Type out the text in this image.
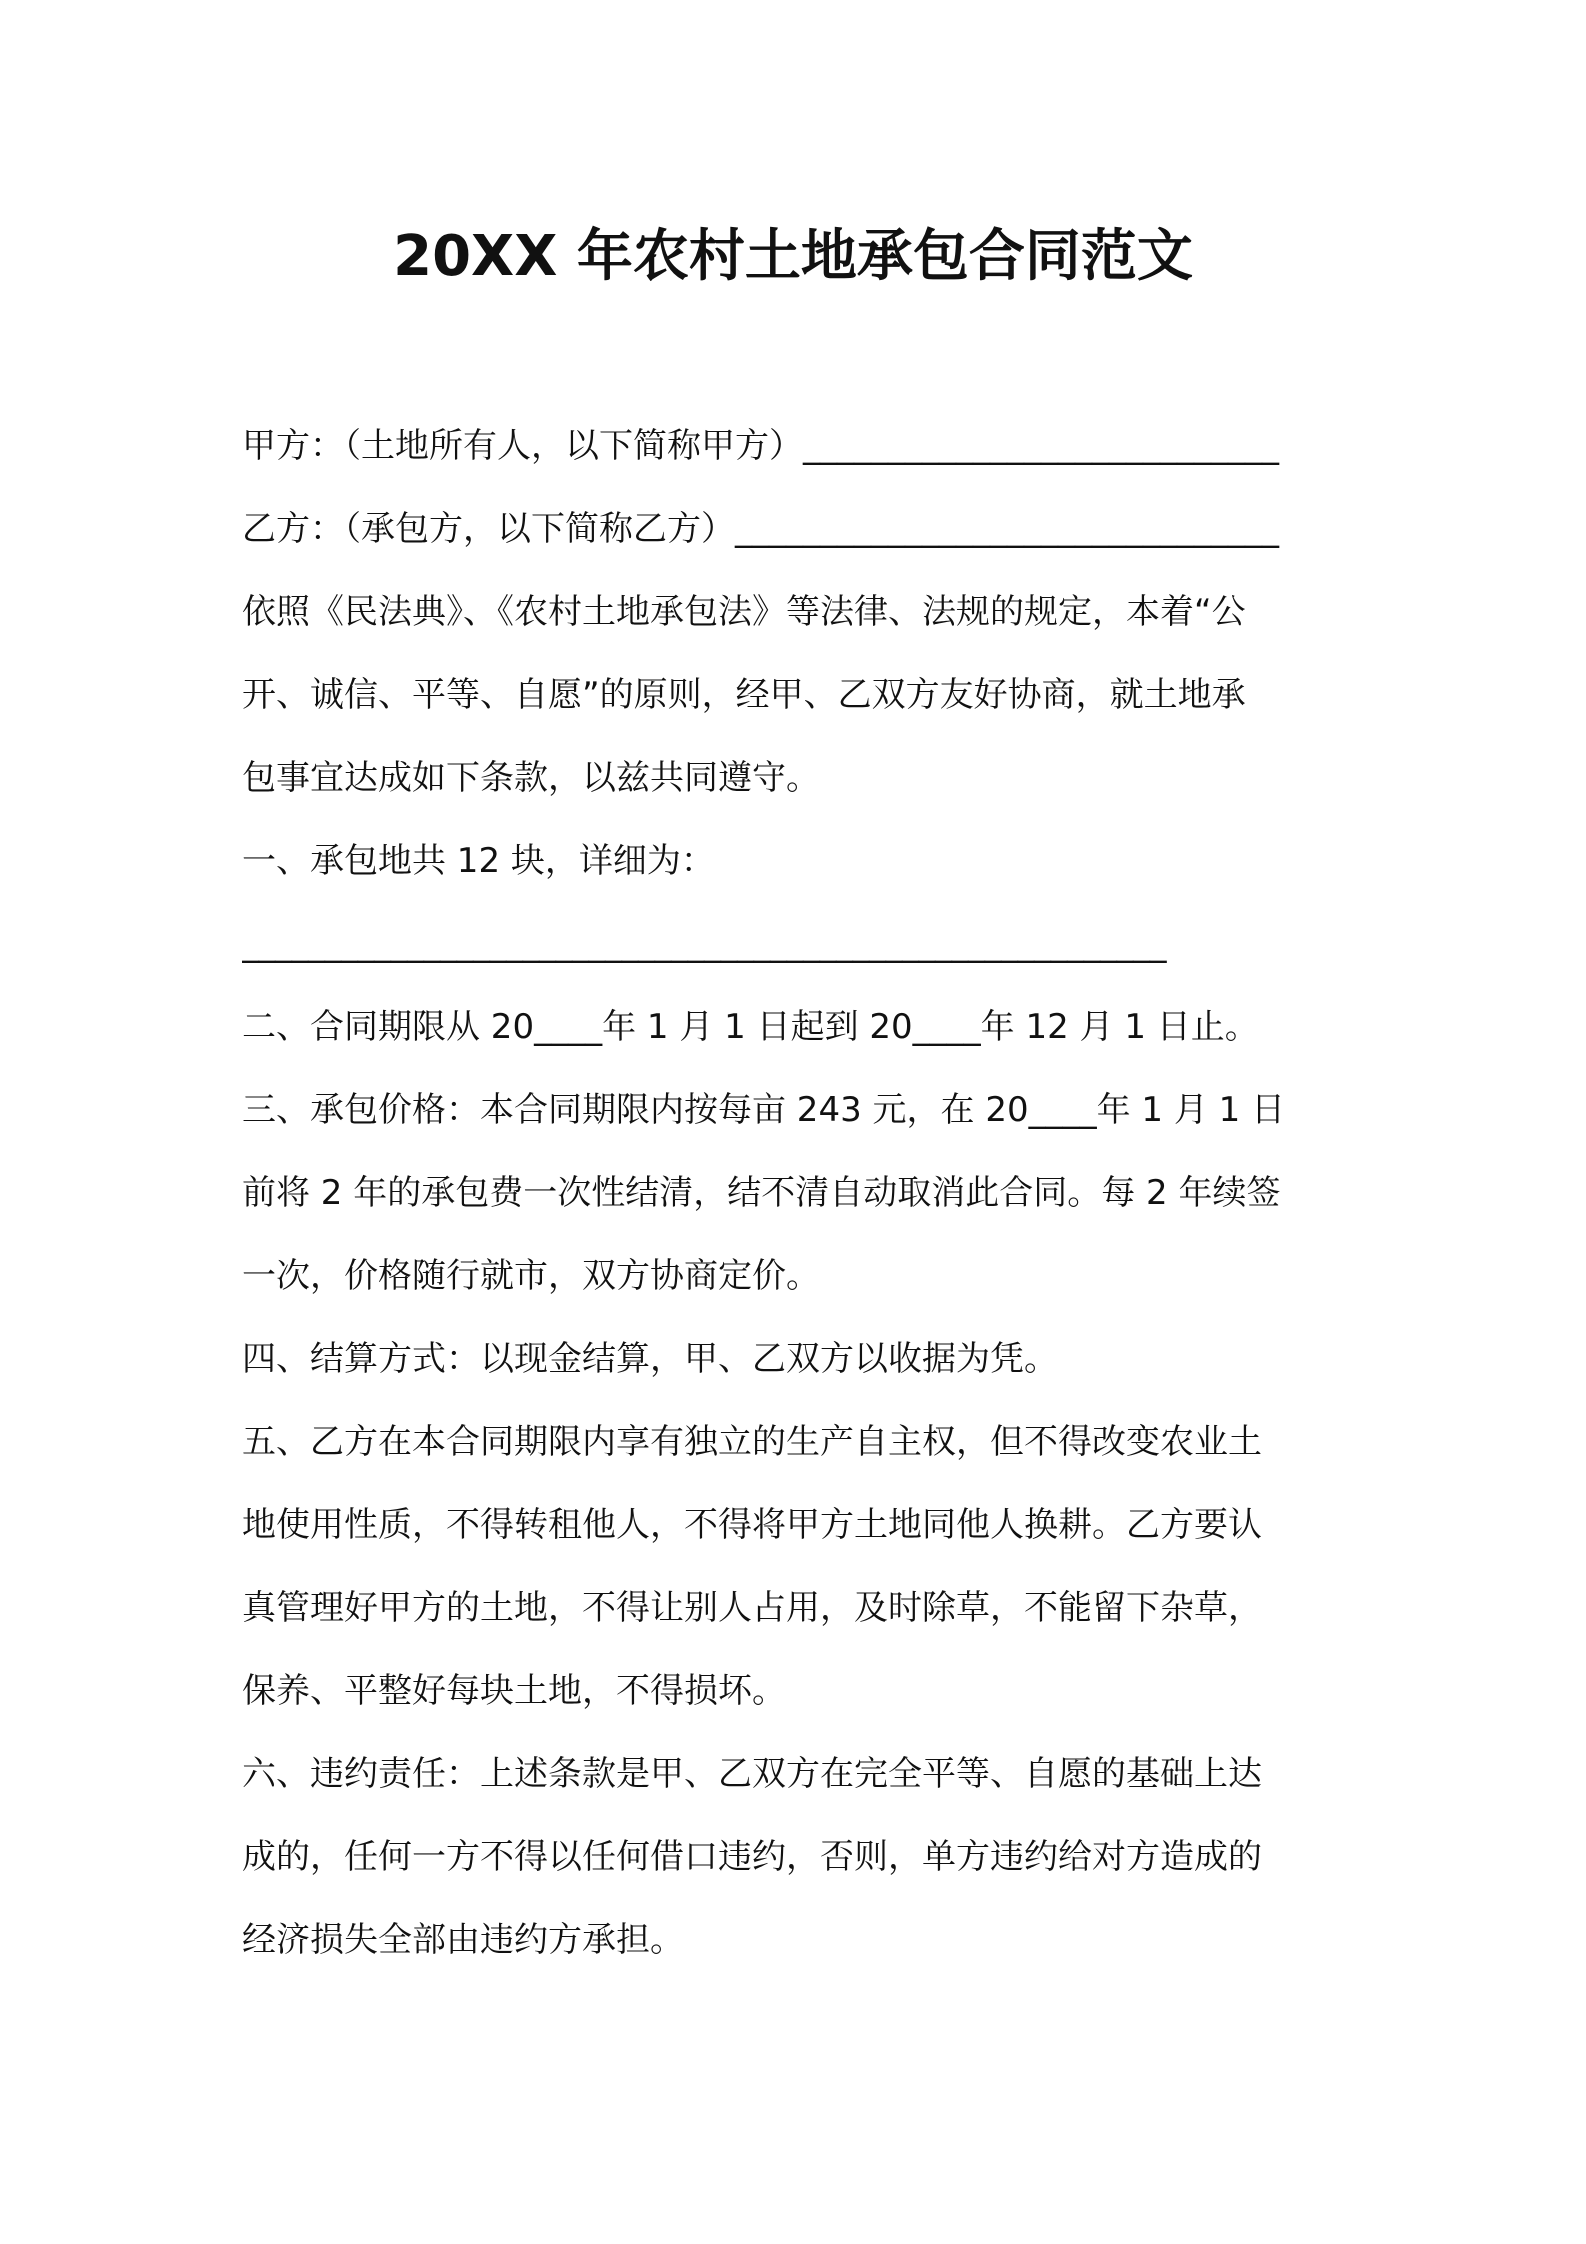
20XX 年农村土地承包合同范文
甲方：（土地所有人，以下简称甲方）____________________________
乙方：（承包方，以下简称乙方）________________________________
依照《民法典》、《农村土地承包法》等法律、法规的规定，本着“公
开、诚信、平等、自愿”的原则，经甲、乙双方友好协商，就土地承
包事宜达成如下条款，以兹共同遵守。
一、承包地共 12 块，详细为：
________________________________________________________
二、合同期限从 20____年 1 月 1 日起到 20____年 12 月 1 日止。
三、承包价格：本合同期限内按每亩 243 元，在 20____年 1 月 1 日
前将 2 年的承包费一次性结清，结不清自动取消此合同。每 2 年续签
一次，价格随行就市，双方协商定价。
四、结算方式：以现金结算，甲、乙双方以收据为凭。
五、乙方在本合同期限内享有独立的生产自主权，但不得改变农业土
地使用性质，不得转租他人，不得将甲方土地同他人换耕。乙方要认
真管理好甲方的土地，不得让别人占用，及时除草，不能留下杂草，
保养、平整好每块土地，不得损坏。
六、违约责任：上述条款是甲、乙双方在完全平等、自愿的基础上达
成的，任何一方不得以任何借口违约，否则，单方违约给对方造成的
经济损失全部由违约方承担。
